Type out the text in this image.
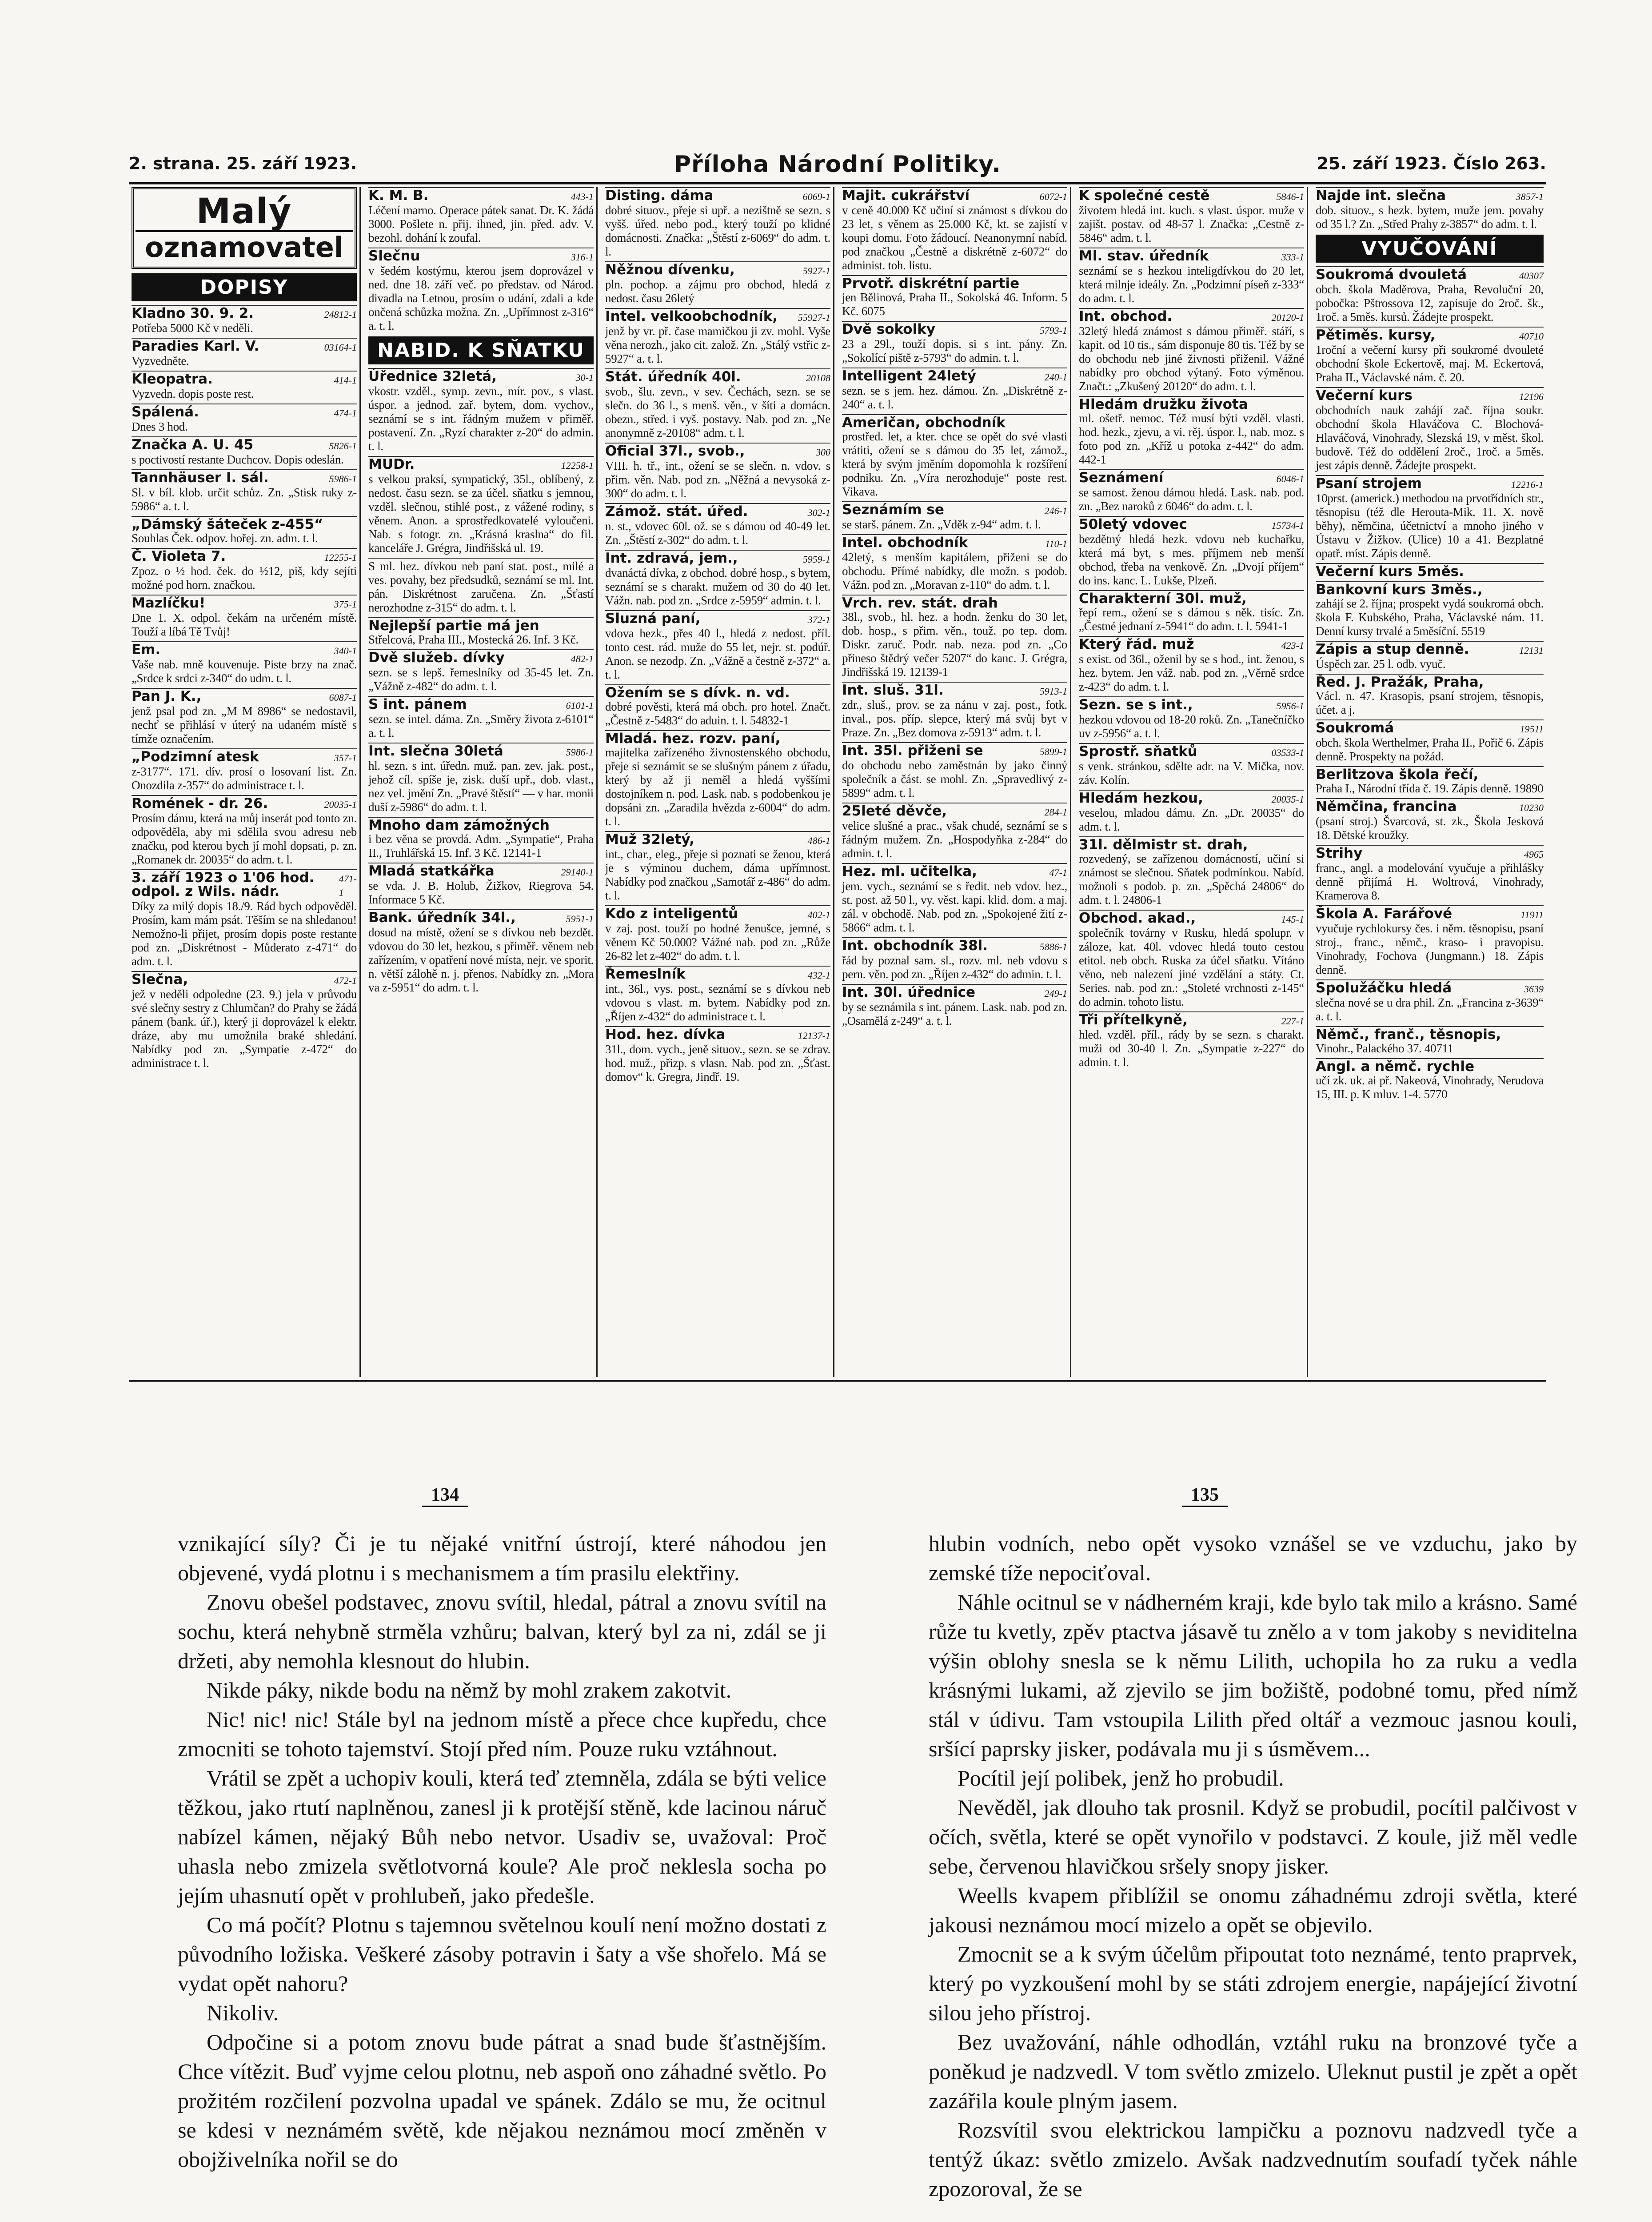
2. strana. 25. září 1923.	Příloha Národní Politiky.	25. září 1923. Číslo 263.
Malý
oznamovatel
DOPISY
Kladno 30. 9. 2.	24812-1
Potřeba 5000 Kč v neděli.
Paradies Karl. V.	03164-1
Vyzvedněte.
Kleopatra.	414-1
Vyzvedn. dopis poste rest.
Spálená.	474-1
Dnes 3 hod.
Značka A. U. 45	5826-1
s poctivostí restante Duchcov. Dopis odeslán.
Tannhäuser I. sál.	5986-1
Sl. v bíl. klob. určit schůz. Zn. „Stisk ruky z-5986“ a. t. l.
„Dámský šáteček z-455“
Souhlas Ček. odpov. hořej. zn. adm. t. l.
Č. Violeta 7.	12255-1
Zpoz. o ½ hod. ček. do ½12, piš, kdy sejíti možné pod horn. značkou.
Mazlíčku!	375-1
Dne 1. X. odpol. čekám na určeném místě. Touží a líbá Tě Tvůj!
Em.	340-1
Vaše nab. mně kouvenuje. Piste brzy na znač. „Srdce k srdci z-340“ do udm. t. l.
Pan J. K.,	6087-1
jenž psal pod zn. „M M 8986“ se nedostavil, nechť se přihlásí v úterý na udaném místě s tímže označením.
„Podzimní atesk	357-1
z-3177“. 171. dív. prosí o losovaní list. Zn. Onozdila z-357“ do administrace t. l.
Romének - dr. 26.	20035-1
Prosím dámu, která na můj inserát pod tonto zn. odpověděla, aby mi sdělila svou adresu neb značku, pod kterou bych jí mohl dopsati, p. zn. „Romanek dr. 20035“ do adm. t. l.
3. září 1923 o 1'06 hod. odpol. z Wils. nádr.
471-1
Díky za milý dopis 18./9. Rád bych odpověděl. Prosím, kam mám psát. Těším se na shledanou! Nemožno-li přijet, prosím dopis poste restante pod zn. „Diskrétnost - Můderato z-471“ do adm. t. l.
Slečna,	472-1
jež v neděli odpoledne (23. 9.) jela v průvodu své slečny sestry z Chlumčan? do Prahy se žádá pánem (bank. úř.), který ji doprovázel k elektr. dráze, aby mu umožnila braké shledání. Nabídky pod zn. „Sympatie z-472“ do administrace t. l.
K. M. B.	443-1
Léčení marno. Operace pátek sanat. Dr. K. žádá 3000. Pošlete n. přij. ihned, jin. před. adv. V. bezohl. dohání k zoufal.
Slečnu	316-1
v šedém kostýmu, kterou jsem doprovázel v ned. dne 18. září več. po představ. od Národ. divadla na Letnou, prosím o udání, zdali a kde ončená schůzka možna. Zn. „Upřímnost z-316“ a. t. l.
NABID. K SŇATKU
Úřednice 32letá,	30-1
vkostr. vzděl., symp. zevn., mír. pov., s vlast. úspor. a jednod. zař. bytem, dom. vychov., seznámí se s int. řádným mužem v přiměř. postavení. Zn. „Ryzí charakter z-20“ do admin. t. l.
MUDr.	12258-1
s velkou praksí, sympatický, 35l., oblíbený, z nedost. času sezn. se za účel. sňatku s jemnou, vzděl. slečnou, stihlé post., z vážené rodiny, s věnem. Anon. a sprostředkovatelé vyloučeni. Nab. s fotogr. zn. „Krásná kraslna“ do fil. kanceláře J. Grégra, Jindřišská ul. 19.
S ml. hez. dívkou neb paní stat. post., milé a ves. povahy, bez předsudků, seznámí se ml. Int. pán. Diskrétnost zaručena. Zn. „Šťastí nerozhodne z-315“ do adm. t. l.
Nejlepší partie má jen
Střelcová, Praha III., Mostecká 26. Inf. 3 Kč.
Dvě služeb. dívky	482-1
sezn. se s lepš. řemeslníky od 35-45 let. Zn. „Vážně z-482“ do adm. t. l.
S int. pánem	6101-1
sezn. se intel. dáma. Zn. „Směry života z-6101“ a. t. l.
Int. slečna 30letá	5986-1
hl. sezn. s int. úředn. muž. pan. zev. jak. post., jehož cíl. spíše je, zisk. duší upř., dob. vlast., nez vel. jmění Zn. „Pravé štěstí“ — v har. monii duší z-5986“ do adm. t. l.
Mnoho dam zámožných
i bez věna se provdá. Adm. „Sympatie“, Praha II., Truhlářská 15. Inf. 3 Kč. 12141-1
Mladá statkářka	29140-1
se vda. J. B. Holub, Žižkov, Riegrova 54. Informace 5 Kč.
Bank. úředník 34l.,	5951-1
dosud na místě, ožení se s dívkou neb bezdět. vdovou do 30 let, hezkou, s přiměř. věnem neb zařízením, v opatření nové místa, nejr. ve sporit. n. větší zálohě n. j. přenos. Nabídky zn. „Mora va z-5951“ do adm. t. l.
Disting. dáma	6069-1
dobré situov., přeje si upř. a nezištně se sezn. s vyšš. úřed. nebo pod., který touží po klidné domácnosti. Značka: „Štěstí z-6069“ do adm. t. l.
Něžnou dívenku,	5927-1
pln. pochop. a zájmu pro obchod, hledá z nedost. času 26letý
Intel. velkoobchodník, 55927-1
jenž by vr. př. čase mamičkou ji zv. mohl. Vyše věna nerozh., jako cit. založ. Zn. „Stálý vstřic z-5927“ a. t. l.
Stát. úředník 40l.	20108
svob., šlu. zevn., v sev. Čechách, sezn. se se slečn. do 36 l., s menš. věn., v šíti a domácn. obezn., střed. i vyš. postavy. Nab. pod zn. „Ne anonymně z-20108“ adm. t. l.
Oficial 37l., svob.,	300
VIII. h. tř., int., ožení se se slečn. n. vdov. s přim. věn. Nab. pod zn. „Něžná a nevysoká z-300“ do adm. t. l.
Zámož. stát. úřed.	302-1
n. st., vdovec 60l. ož. se s dámou od 40-49 let. Zn. „Štěstí z-302“ do adm. t. l.
Int. zdravá, jem.,	5959-1
dvanáctá dívka, z obchod. dobré hosp., s bytem, seznámí se s charakt. mužem od 30 do 40 let. Vážn. nab. pod zn. „Srdce z-5959“ admin. t. l.
Sluzná paní,	372-1
vdova hezk., přes 40 l., hledá z nedost. příl. tonto cest. rád. muže do 55 let, nejr. st. podúř. Anon. se nezodp. Zn. „Vážně a čestně z-372“ a. t. l.
Ožením se s dívk. n. vd.
dobré pověsti, která má obch. pro hotel. Značt. „Čestně z-5483“ do aduin. t. l. 54832-1
Mladá. hez. rozv. paní,
majitelka zařízeného živnostenského obchodu, přeje si seznámit se se slušným pánem z úřadu, který by až ji neměl a hledá vyššími dostojníkem n. pod. Lask. nab. s podobenkou je dopsáni zn. „Zaradila hvězda z-6004“ do adm. t. l.
Muž 32letý,	486-1
int., char., eleg., přeje si poznati se ženou, která je s výminou duchem, dáma upřímnost. Nabídky pod značkou „Samotář z-486“ do adm. t. l.
Kdo z inteligentů	402-1
v zaj. post. touží po hodné ženušce, jemné, s věnem Kč 50.000? Vážné nab. pod zn. „Růže 26-82 let z-402“ do adm. t. l.
Řemeslník	432-1
int., 36l., vys. post., seznámí se s dívkou neb vdovou s vlast. m. bytem. Nabídky pod zn. „Říjen z-432“ do administrace t. l.
Hod. hez. dívka	12137-1
31l., dom. vych., jeně situov., sezn. se se zdrav. hod. muž., přizp. s vlasn. Nab. pod zn. „Šťast. domov“ k. Gregra, Jindř. 19.
Majit. cukrářství	6072-1
v ceně 40.000 Kč učiní si známost s dívkou do 23 let, s věnem as 25.000 Kč, kt. se zajistí v koupi domu. Foto žádoucí. Neanonymní nabíd. pod značkou „Čestně a diskrétně z-6072“ do administ. toh. listu.
Prvotř. diskrétní partie
jen Bělinová, Praha II., Sokolská 46. Inform. 5 Kč. 6075
Dvě sokolky	5793-1
23 a 29l., touží dopis. si s int. pány. Zn. „Sokolící piště z-5793“ do admin. t. l.
Intelligent 24letý	240-1
sezn. se s jem. hez. dámou. Zn. „Diskrétně z-240“ a. t. l.
Američan, obchodník
prostřed. let, a kter. chce se opět do své vlasti vrátiti, ožení se s dámou do 35 let, zámož., která by svým jměním dopomohla k rozšíření podniku. Zn. „Víra nerozhoduje“ poste rest. Vikava.
Seznámím se	246-1
se starš. pánem. Zn. „Vděk z-94“ adm. t. l.
Intel. obchodník	110-1
42letý, s menším kapitálem, přiženi se do obchodu. Přímé nabídky, dle možn. s podob. Vážn. pod zn. „Moravan z-110“ do adm. t. l.
Vrch. rev. stát. drah
38l., svob., hl. hez. a hodn. ženku do 30 let, dob. hosp., s přim. věn., touž. po tep. dom. Diskr. zaruč. Podr. nab. neza. pod zn. „Co přineso štědrý večer 5207“ do kanc. J. Grégra, Jindřišská 19. 12139-1
Int. sluš. 31l.	5913-1
zdr., sluš., prov. se za nánu v zaj. post., fotk. inval., pos. příp. slepce, který má svůj byt v Praze. Zn. „Bez domova z-5913“ adm. t. l.
Int. 35l. přiženi se	5899-1
do obchodu nebo zaměstnán by jako činný společník a část. se mohl. Zn. „Spravedlivý z-5899“ adm. t. l.
25leté děvče,	284-1
velice slušné a prac., však chudé, seznámí se s řádným mužem. Zn. „Hospodyňka z-284“ do admin. t. l.
Hez. ml. učitelka,	47-1
jem. vych., seznámí se s ředit. neb vdov. hez., st. post. až 50 l., vy. věst. kapi. klid. dom. a maj. zál. v obchodě. Nab. pod zn. „Spokojené žití z-5866“ adm. t. l.
Int. obchodník 38l.	5886-1
řád by poznal sam. sl., rozv. ml. neb vdovu s pern. věn. pod zn. „Říjen z-432“ do admin. t. l.
Int. 30l. úřednice	249-1
by se seznámila s int. pánem. Lask. nab. pod zn. „Osamělá z-249“ a. t. l.
K společné cestě	5846-1
životem hledá int. kuch. s vlast. úspor. muže v zajišt. postav. od 48-57 l. Značka: „Cestně z-5846“ adm. t. l.
Ml. stav. úředník	333-1
seznámí se s hezkou inteligdívkou do 20 let, která milnje ideály. Zn. „Podzimní píseň z-333“ do adm. t. l.
Int. obchod.	20120-1
32letý hledá známost s dámou přiměř. stáří, s kapit. od 10 tis., sám disponuje 80 tis. Též by se do obchodu neb jiné živnosti přiženil. Vážné nabídky pro obchod výtaný. Foto výměnou. Značt.: „Zkušený 20120“ do adm. t. l.
Hledám družku života
ml. ošetř. nemoc. Též musí býti vzděl. vlasti. hod. hezk., zjevu, a vi. rěj. úspor. l., nab. moz. s foto pod zn. „Kříž u potoka z-442“ do adm. 442-1
Seznámení	6046-1
se samost. ženou dámou hledá. Lask. nab. pod. zn. „Bez naroků z 6046“ do adm. t. l.
50letý vdovec	15734-1
bezdětný hledá hezk. vdovu neb kuchařku, která má byt, s mes. příjmem neb menší obchod, třeba na venkově. Zn. „Dvojí příjem“ do ins. kanc. L. Lukše, Plzeň.
Charakterní 30l. muž,
řepí rem., ožení se s dámou s něk. tisíc. Zn. „Čestné jednaní z-5941“ do adm. t. l. 5941-1
Který řád. muž	423-1
s exist. od 36l., oženil by se s hod., int. ženou, s hez. bytem. Jen váž. nab. pod zn. „Věrně srdce z-423“ do adm. t. l.
Sezn. se s int.,	5956-1
hezkou vdovou od 18-20 roků. Zn. „Tanečníčko uv z-5956“ a. t. l.
Sprostř. sňatků	03533-1
s venk. stránkou, sdělte adr. na V. Mička, nov. záv. Kolín.
Hledám hezkou,	20035-1
veselou, mladou dámu. Zn. „Dr. 20035“ do adm. t. l.
31l. dělmistr st. drah,
rozvedený, se zařízenou domácností, učiní si známost se slečnou. Sňatek podmínkou. Nabíd. možnoli s podob. p. zn. „Spěchá 24806“ do adm. t. l. 24806-1
Obchod. akad.,	145-1
společník továrny v Rusku, hledá spolupr. v záloze, kat. 40l. vdovec hledá touto cestou etitol. neb obch. Ruska za účel sňatku. Vítáno věno, neb nalezení jiné vzdělání a státy. Ct. Series. nab. pod zn.: „Stoleté vrchnosti z-145“ do admin. tohoto listu.
Tři přítelkyně,	227-1
hled. vzděl. příl., rády by se sezn. s charakt. muži od 30-40 l. Zn. „Sympatie z-227“ do admin. t. l.
Najde int. slečna	3857-1
dob. situov., s hezk. bytem, muže jem. povahy od 35 l.? Zn. „Střed Prahy z-3857“ do adm. t. l.
VYUČOVÁNÍ
Soukromá dvouletá	40307
obch. škola Maděrova, Praha, Revoluční 20, pobočka: Pštrossova 12, zapisuje do 2roč. šk., 1roč. a 5měs. kursů. Žádejte prospekt.
Pětiměs. kursy,	40710
1roční a večerní kursy při soukromé dvouleté obchodní škole Eckertově, maj. M. Eckertová, Praha II., Václavské nám. č. 20.
Večerní kurs	12196
obchodních nauk zahájí zač. října soukr. obchodní škola Hlaváčova C. Blochová-Hlaváčová, Vinohrady, Slezská 19, v měst. škol. budově. Též do oddělení 2roč., 1roč. a 5měs. jest zápis denně. Žádejte prospekt.
Psaní strojem	12216-1
10prst. (americk.) methodou na prvotřídních str., těsnopisu (též dle Herouta-Mik. 11. X. nově běhy), němčina, účetnictví a mnoho jiného v Ústavu v Žižkov. (Ulice) 10 a 41. Bezplatné opatř. míst. Zápis denně.
Večerní kurs 5měs.
Bankovní kurs 3měs.,
zahájí se 2. října; prospekt vydá soukromá obch. škola F. Kubského, Praha, Václavské nám. 11. Denní kursy trvalé a 5měsíční. 5519
Zápis a stup denně.	12131
Úspěch zar. 25 l. odb. vyuč.
Řed. J. Pražák, Praha,
Václ. n. 47. Krasopis, psaní strojem, těsnopis, účet. a j.
Soukromá	19511
obch. škola Werthelmer, Praha II., Pořič 6. Zápis denně. Prospekty na požád.
Berlitzova škola řečí,
Praha I., Národní třída č. 19. Zápis denně. 19890
Němčina, francina	10230
(psaní stroj.) Švarcová, st. zk., Škola Jesková 18. Dětské kroužky.
Strihy	4965
franc., angl. a modelování vyučuje a přihlášky denně přijímá H. Woltrová, Vinohrady, Kramerova 8.
Škola A. Farářové	11911
vyučuje rychlokursy čes. i něm. těsnopisu, psaní stroj., franc., němč., kraso- i pravopisu. Vinohrady, Fochova (Jungmann.) 18. Zápis denně.
Spolužáčku hledá	3639
slečna nové se u dra phil. Zn. „Francina z-3639“ a. t. l.
Němč., franč., těsnopis,
Vinohr., Palackého 37. 40711
Angl. a němč. rychle
učí zk. uk. ai př. Nakeová, Vinohrady, Nerudova 15, III. p. K mluv. 1-4. 5770
134	135

vznikající síly? Či je tu nějaké vnitřní ústrojí, které náhodou jen objevené, vydá plotnu i s mechanismem a tím prasilu elektřiny.

Znovu obešel podstavec, znovu svítil, hledal, pátral a znovu svítil na sochu, která nehybně strměla vzhůru; balvan, který byl za ni, zdál se ji držeti, aby nemohla klesnout do hlubin.

Nikde páky, nikde bodu na němž by mohl zrakem zakotvit.

Nic! nic! nic! Stále byl na jednom místě a přece chce kupředu, chce zmocniti se tohoto tajemství. Stojí před ním. Pouze ruku vztáhnout.

Vrátil se zpět a uchopiv kouli, která teď ztemněla, zdála se býti velice těžkou, jako rtutí naplněnou, zanesl ji k protější stěně, kde lacinou náruč nabízel kámen, nějaký Bůh nebo netvor. Usadiv se, uvažoval: Proč uhasla nebo zmizela světlotvorná koule? Ale proč neklesla socha po jejím uhasnutí opět v prohlubeň, jako předešle.

Co má počít? Plotnu s tajemnou světelnou koulí není možno dostati z původního ložiska. Veškeré zásoby potravin i šaty a vše shořelo. Má se vydat opět nahoru?

Nikoliv.

Odpočine si a potom znovu bude pátrat a snad bude šťastnějším. Chce vítězit. Buď vyjme celou plotnu, neb aspoň ono záhadné světlo. Po prožitém rozčilení pozvolna upadal ve spánek. Zdálo se mu, že ocitnul se kdesi v neznámém světě, kde nějakou neznámou mocí změněn v obojživelníka nořil se do

hlubin vodních, nebo opět vysoko vznášel se ve vzduchu, jako by zemské tíže nepociťoval.

Náhle ocitnul se v nádherném kraji, kde bylo tak milo a krásno. Samé růže tu kvetly, zpěv ptactva jásavě tu znělo a v tom jakoby s neviditelna výšin oblohy snesla se k němu Lilith, uchopila ho za ruku a vedla krásnými lukami, až zjevilo se jim božiště, podobné tomu, před nímž stál v údivu. Tam vstoupila Lilith před oltář a vezmouc jasnou kouli, sršící paprsky jisker, podávala mu ji s úsměvem...

Pocítil její polibek, jenž ho probudil.

Nevěděl, jak dlouho tak prosnil. Když se probudil, pocítil palčivost v očích, světla, které se opět vynořilo v podstavci. Z koule, již měl vedle sebe, červenou hlavičkou sršely snopy jisker.

Weells kvapem přiblížil se onomu záhadnému zdroji světla, které jakousi neznámou mocí mizelo a opět se objevilo.

Zmocnit se a k svým účelům připoutat toto neznámé, tento praprvek, který po vyzkoušení mohl by se státi zdrojem energie, napájející životní silou jeho přístroj.

Bez uvažování, náhle odhodlán, vztáhl ruku na bronzové tyče a poněkud je nadzvedl. V tom světlo zmizelo. Uleknut pustil je zpět a opět zazářila koule plným jasem.

Rozsvítil svou elektrickou lampičku a poznovu nadzvedl tyče a tentýž úkaz: světlo zmizelo. Avšak nadzvednutím soufadí tyček náhle zpozoroval, že se
